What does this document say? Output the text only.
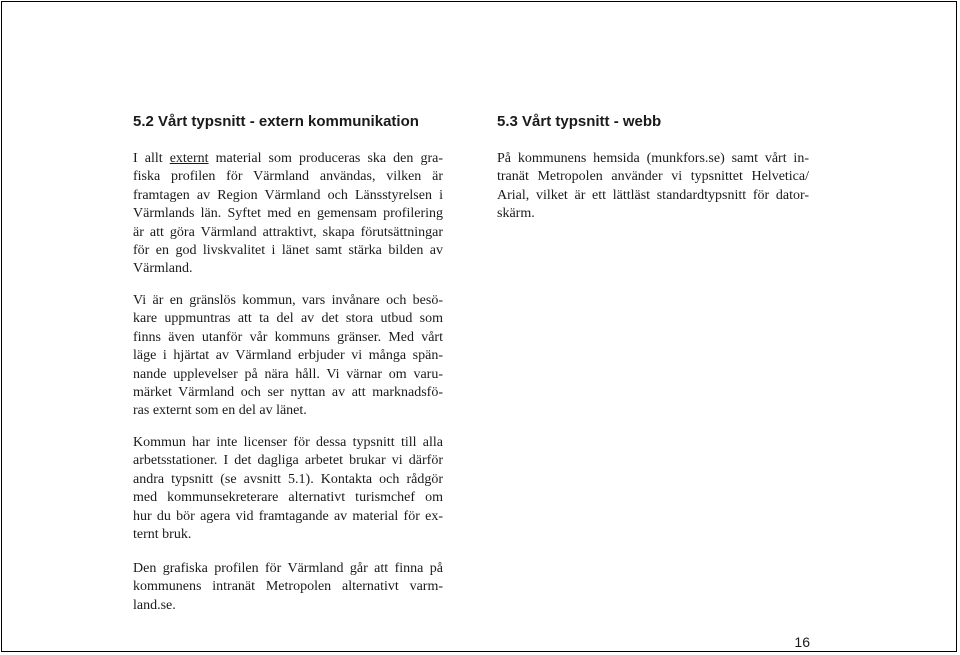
5.2 Vårt typsnitt - extern kommunikation
I allt externt material som produceras ska den gra-
fiska profilen för Värmland användas, vilken är
framtagen av Region Värmland och Länsstyrelsen i
Värmlands län. Syftet med en gemensam profilering
är att göra Värmland attraktivt, skapa förutsättningar
för en god livskvalitet i länet samt stärka bilden av
Värmland.
Vi är en gränslös kommun, vars invånare och besö-
kare uppmuntras att ta del av det stora utbud som
finns även utanför vår kommuns gränser. Med vårt
läge i hjärtat av Värmland erbjuder vi många spän-
nande upplevelser på nära håll. Vi värnar om varu-
märket Värmland och ser nyttan av att marknadsfö-
ras externt som en del av länet.
Kommun har inte licenser för dessa typsnitt till alla
arbetsstationer. I det dagliga arbetet brukar vi därför
andra typsnitt (se avsnitt 5.1). Kontakta och rådgör
med kommunsekreterare alternativt turismchef om
hur du bör agera vid framtagande av material för ex-
ternt bruk.
Den grafiska profilen för Värmland går att finna på
kommunens intranät Metropolen alternativt varm-
land.se.
5.3 Vårt typsnitt - webb
På kommunens hemsida (munkfors.se) samt vårt in-
tranät Metropolen använder vi typsnittet Helvetica/
Arial, vilket är ett lättläst standardtypsnitt för dator-
skärm.
16
